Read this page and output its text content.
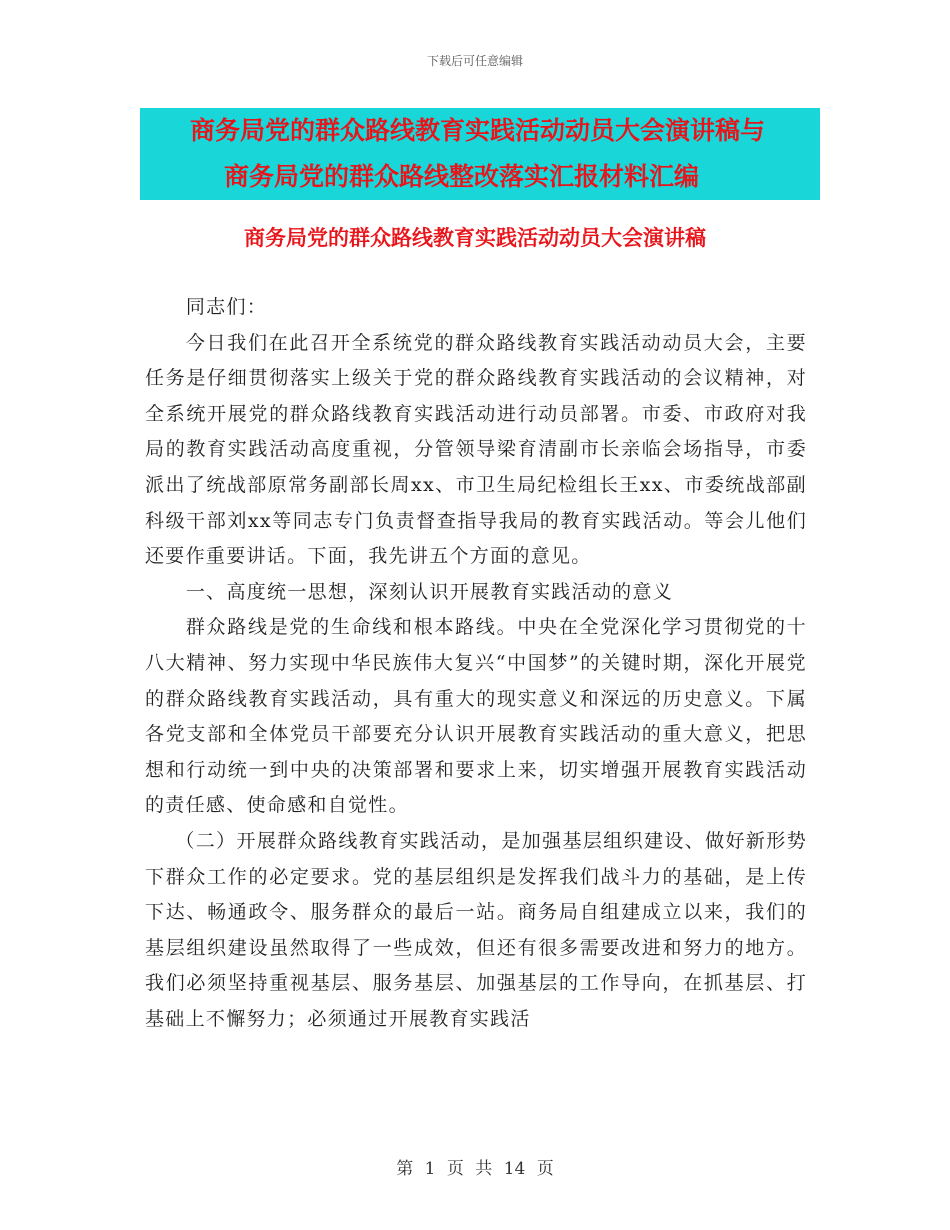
下载后可任意编辑
商务局党的群众路线教育实践活动动员大会演讲稿与
商务局党的群众路线整改落实汇报材料汇编
商务局党的群众路线教育实践活动动员大会演讲稿

同志们：

今日我们在此召开全系统党的群众路线教育实践活动动员大会，主要任务是仔细贯彻落实上级关于党的群众路线教育实践活动的会议精神，对全系统开展党的群众路线教育实践活动进行动员部署。市委、市政府对我局的教育实践活动高度重视，分管领导梁育清副市长亲临会场指导，市委派出了统战部原常务副部长周xx、市卫生局纪检组长王xx、市委统战部副科级干部刘xx等同志专门负责督查指导我局的教育实践活动。等会儿他们还要作重要讲话。下面，我先讲五个方面的意见。

一、高度统一思想，深刻认识开展教育实践活动的意义

群众路线是党的生命线和根本路线。中央在全党深化学习贯彻党的十八大精神、努力实现中华民族伟大复兴“中国梦”的关键时期，深化开展党的群众路线教育实践活动，具有重大的现实意义和深远的历史意义。下属各党支部和全体党员干部要充分认识开展教育实践活动的重大意义，把思想和行动统一到中央的决策部署和要求上来，切实增强开展教育实践活动的责任感、使命感和自觉性。

（二）开展群众路线教育实践活动，是加强基层组织建设、做好新形势下群众工作的必定要求。党的基层组织是发挥我们战斗力的基础，是上传下达、畅通政令、服务群众的最后一站。商务局自组建成立以来，我们的基层组织建设虽然取得了一些成效，但还有很多需要改进和努力的地方。我们必须坚持重视基层、服务基层、加强基层的工作导向，在抓基层、打基础上不懈努力；必须通过开展教育实践活

第 1 页 共 14 页
